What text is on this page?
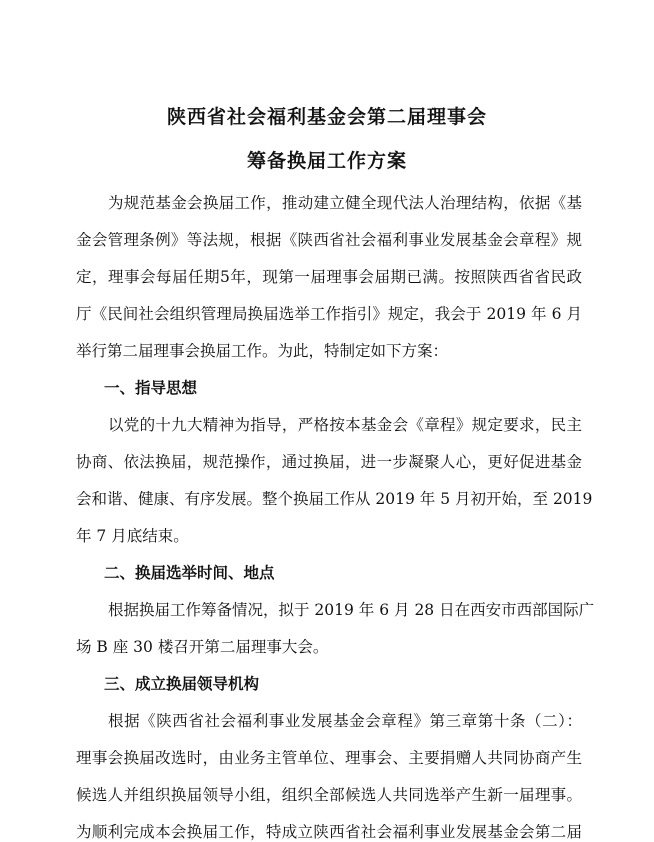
陕西省社会福利基金会第二届理事会
筹备换届工作方案
为规范基金会换届工作，推动建立健全现代法人治理结构，依据《基
金会管理条例》等法规，根据《陕西省社会福利事业发展基金会章程》规
定，理事会每届任期5年，现第一届理事会届期已满。按照陕西省省民政
厅《民间社会组织管理局换届选举工作指引》规定，我会于 2019 年 6 月
举行第二届理事会换届工作。为此，特制定如下方案：
一、指导思想
以党的十九大精神为指导，严格按本基金会《章程》规定要求，民主
协商、依法换届，规范操作，通过换届，进一步凝聚人心，更好促进基金
会和谐、健康、有序发展。整个换届工作从 2019 年 5 月初开始，至 2019
年 7 月底结束。
二、换届选举时间、地点
根据换届工作筹备情况，拟于 2019 年 6 月 28 日在西安市西部国际广
场 B 座 30 楼召开第二届理事大会。
三、成立换届领导机构
根据《陕西省社会福利事业发展基金会章程》第三章第十条（二）：
理事会换届改选时，由业务主管单位、理事会、主要捐赠人共同协商产生
候选人并组织换届领导小组，组织全部候选人共同选举产生新一届理事。
为顺利完成本会换届工作，特成立陕西省社会福利事业发展基金会第二届
